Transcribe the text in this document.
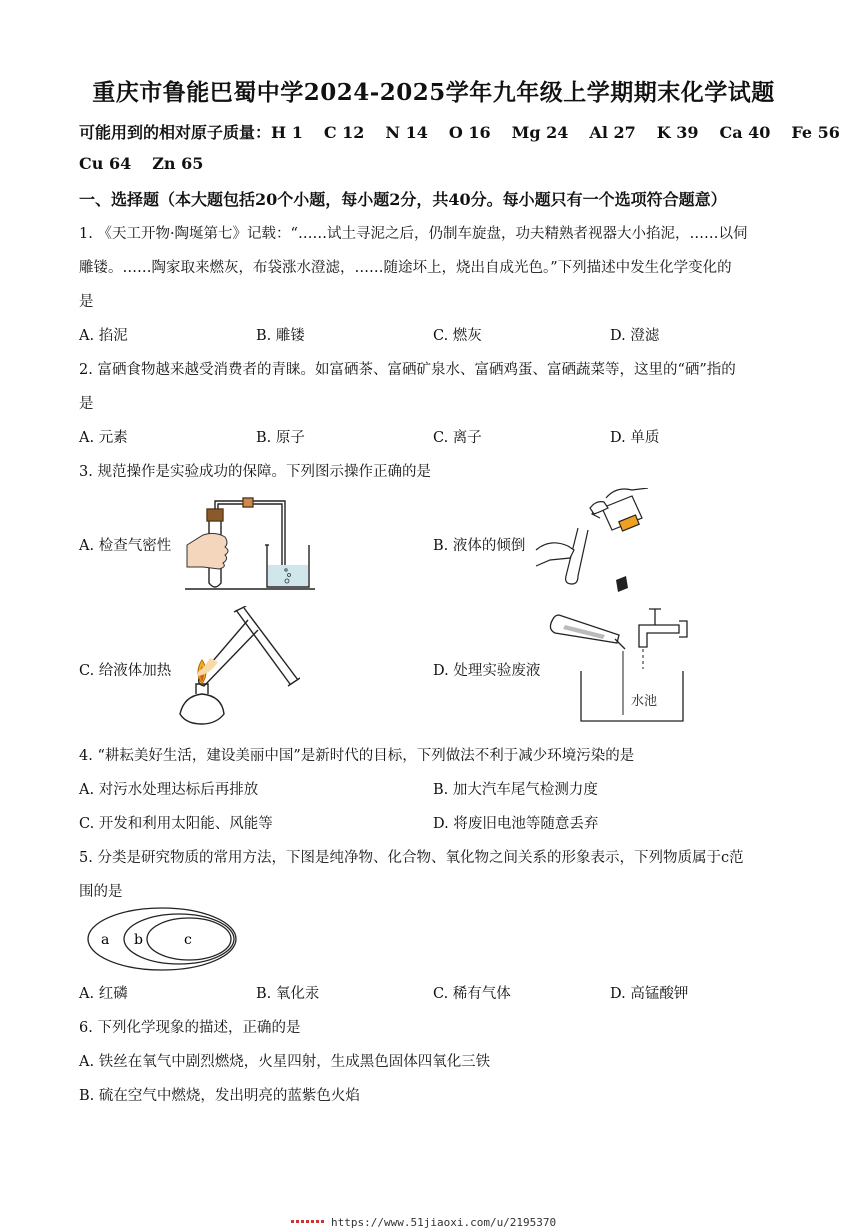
重庆市鲁能巴蜀中学2024-2025学年九年级上学期期末化学试题
可能用到的相对原子质量：H 1 C 12 N 14 O 16 Mg 24 Al 27 K 39 Ca 40 Fe 56
Cu 64 Zn 65
一、选择题（本大题包括20个小题，每小题2分，共40分。每小题只有一个选项符合题意）
1. 《天工开物·陶埏第七》记载：“……试土寻泥之后，仍制车旋盘，功夫精熟者视器大小掐泥，……以伺
雕镂。……陶家取来燃灰，布袋涨水澄滤，……随途坏上，烧出自成光色。”下列描述中发生化学变化的
是
A. 掐泥	B. 雕镂	C. 燃灰	D. 澄滤
2. 富硒食物越来越受消费者的青睐。如富硒茶、富硒矿泉水、富硒鸡蛋、富硒蔬菜等，这里的“硒”指的
是
A. 元素	B. 原子	C. 离子	D. 单质
3. 规范操作是实验成功的保障。下列图示操作正确的是
A. 检查气密性	B. 液体的倾倒
C. 给液体加热	D. 处理实验废液
水池
4. “耕耘美好生活，建设美丽中国”是新时代的目标，下列做法不利于减少环境污染的是
A. 对污水处理达标后再排放	B. 加大汽车尾气检测力度
C. 开发和利用太阳能、风能等	D. 将废旧电池等随意丢弃
5. 分类是研究物质的常用方法，下图是纯净物、化合物、氧化物之间关系的形象表示，下列物质属于c范
围的是
a b	c
A. 红磷	B. 氧化汞	C. 稀有气体	D. 高锰酸钾
6. 下列化学现象的描述，正确的是
A. 铁丝在氧气中剧烈燃烧，火星四射，生成黑色固体四氧化三铁
B. 硫在空气中燃烧，发出明亮的蓝紫色火焰
https://www.51jiaoxi.com/u/2195370
